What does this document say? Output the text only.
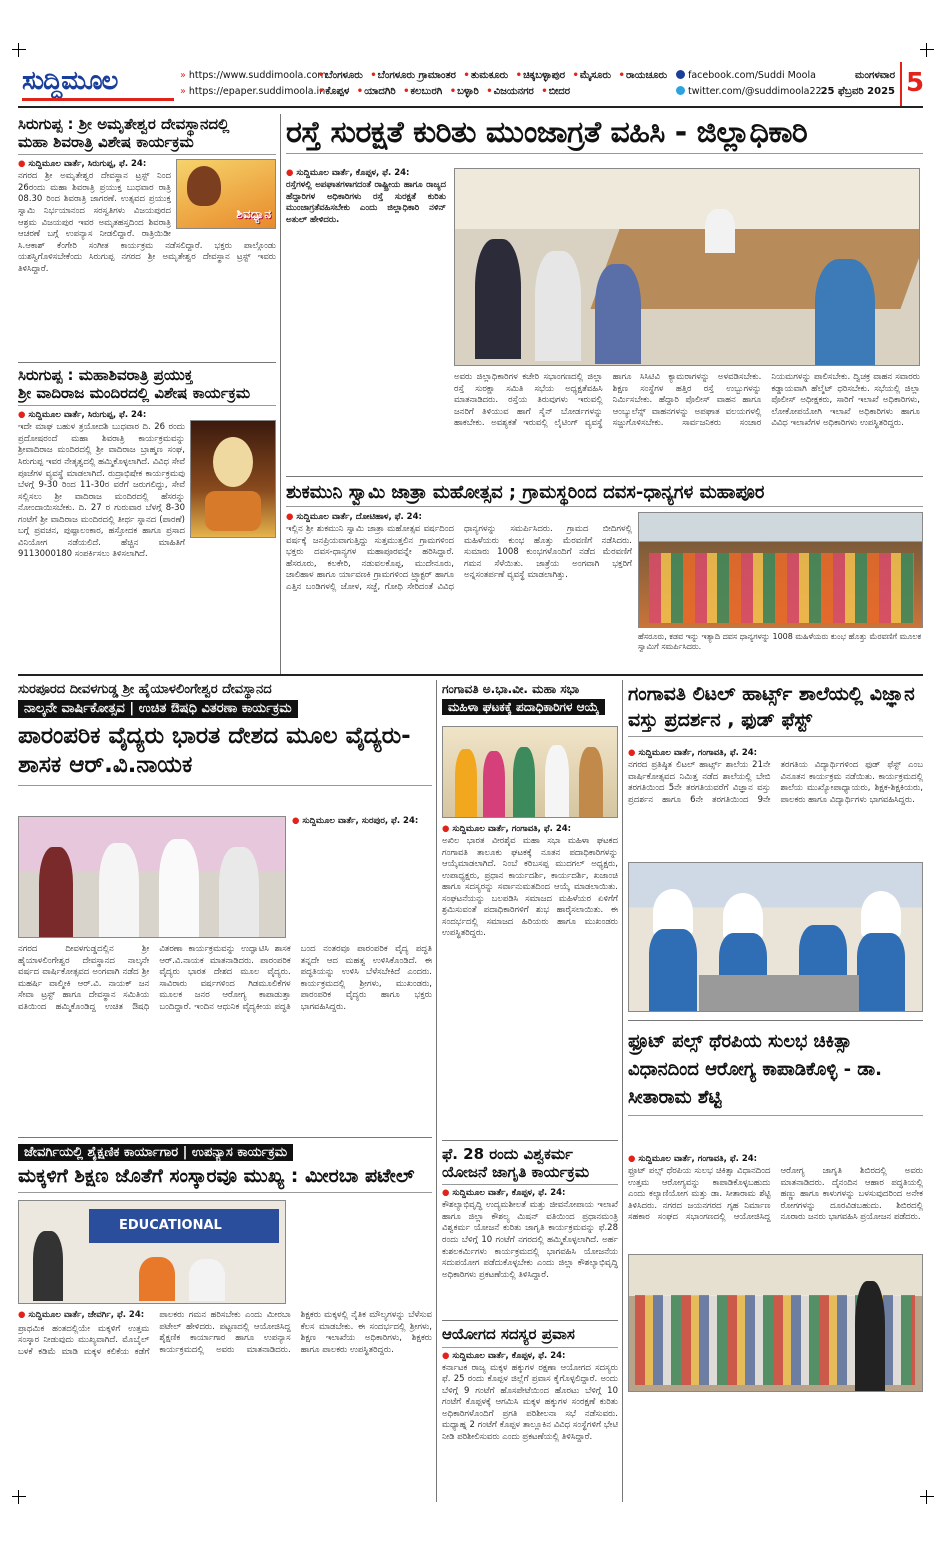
ಸುದ್ದಿಮೂಲ	» https://www.suddimoola.com
» https://epaper.suddimoola.in
• ಬೆಂಗಳೂರು • ಬೆಂಗಳೂರು ಗ್ರಾಮಾಂತರ • ತುಮಕೂರು • ಚಿಕ್ಕಬಳ್ಳಾಪುರ • ಮೈಸೂರು • ರಾಯಚೂರು • ಕೊಪ್ಪಳ • ಯಾದಗಿರಿ • ಕಲಬುರಗಿ • ಬಳ್ಳಾರಿ • ವಿಜಯನಗರ • ಬೀದರ
facebook.com/Suddi Moola
twitter.com/@suddimoola22
ಮಂಗಳವಾರ
25 ಫೆಬ್ರವರಿ 2025 5
ಸಿರುಗುಪ್ಪ : ಶ್ರೀ ಅಮೃತೇಶ್ವರ ದೇವಸ್ಥಾನದಲ್ಲಿ
ಮಹಾ ಶಿವರಾತ್ರಿ ವಿಶೇಷ ಕಾರ್ಯಕ್ರಮ
ಶಿವಧ್ಯಾನ
● ಸುದ್ದಿಮೂಲ ವಾರ್ತೆ, ಸಿರುಗುಪ್ಪ, ಫೆ. 24:
ನಗರದ ಶ್ರೀ ಅಮೃತೇಶ್ವರ ದೇವಸ್ಥಾನ ಟ್ರಸ್ಟ್ ನಿಂದ 26ರಂದು ಮಹಾ ಶಿವರಾತ್ರಿ ಪ್ರಯುಕ್ತ ಬುಧವಾರ ರಾತ್ರಿ 08.30 ರಿಂದ ಶಿವರಾತ್ರಿ ಜಾಗರಣೆ. ಉತ್ಸವದ ಪ್ರಯುಕ್ತ ಸ್ವಾಮಿ ನಿರ್ಭಯಾನಂದ ಸರಸ್ವತಿಗಳು ವಿಜಯಪುರದ ಆಶ್ರಮ ವಿಜಯಪುರ ಇವರ ಅಮೃತಹಸ್ತದಿಂದ ಶಿವರಾತ್ರಿ ಆಚರಣೆ ಬಗ್ಗೆ ಉಪನ್ಯಾಸ ನೀಡಲಿದ್ದಾರೆ. ರಾತ್ರಿಯಿಡೀ ಸಿ.ಆಕಾಶ್ ಕೆಂಗೇರಿ ಸಂಗೀತ ಕಾರ್ಯಕ್ರಮ ನಡೆಸಲಿದ್ದಾರೆ. ಭಕ್ತರು ಪಾಲ್ಗೊಂಡು ಯಶಸ್ವಿಗೊಳಿಸಬೇಕೆಂದು ಸಿರುಗುಪ್ಪ ನಗರದ ಶ್ರೀ ಅಮೃತೇಶ್ವರ ದೇವಸ್ಥಾನ ಟ್ರಸ್ಟ್ ಇವರು ತಿಳಿಸಿದ್ದಾರೆ.
ಸಿರುಗುಪ್ಪ : ಮಹಾಶಿವರಾತ್ರಿ ಪ್ರಯುಕ್ತ
ಶ್ರೀ ವಾದಿರಾಜ ಮಂದಿರದಲ್ಲಿ ವಿಶೇಷ ಕಾರ್ಯಕ್ರಮ
● ಸುದ್ದಿಮೂಲ ವಾರ್ತೆ, ಸಿರುಗುಪ್ಪ, ಫೆ. 24:
ಇದೇ ಮಾಘ ಬಹುಳ ತ್ರಯೋದಶಿ ಬುಧವಾರ ದಿ. 26 ರಂದು ಪ್ರದೋಷರಂದೆ ಮಹಾ ಶಿವರಾತ್ರಿ ಕಾರ್ಯಕ್ರಮವನ್ನು ಶ್ರೀವಾದಿರಾಜ ಮಂದಿರದಲ್ಲಿ ಶ್ರೀ ವಾದಿರಾಜ ಬ್ರಾಹ್ಮಣ ಸಂಘ, ಸಿರುಗುಪ್ಪ ಇವರ ನೇತೃತ್ವದಲ್ಲಿ ಹಮ್ಮಿಕೊಳ್ಳಲಾಗಿದೆ. ವಿವಿಧ ಸೇವೆ ಪೂಜೆಗಳ ವ್ಯವಸ್ಥೆ ಮಾಡಲಾಗಿದೆ. ರುದ್ರಾಭಿಷೇಕ ಕಾರ್ಯಕ್ರಮವು ಬೆಳಗ್ಗೆ 9-30 ರಿಂದ 11-30ರ ವರೆಗೆ ಜರುಗಲಿದ್ದು, ಸೇವೆ ಸಲ್ಲಿಸಲು ಶ್ರೀ ವಾದಿರಾಜ ಮಂದಿರದಲ್ಲಿ ಹೆಸರನ್ನು ನೋಂದಾಯಿಸಬೇಕು. ದಿ. 27 ರ ಗುರುವಾರ ಬೆಳಗ್ಗೆ 8-30 ಗಂಟೆಗೆ ಶ್ರೀ ವಾದಿರಾಜ ಮಂದಿರದಲ್ಲಿ ತೀರ್ಥ ಸ್ನಾನದ (ಪಾರಣೆ) ಬಗ್ಗೆ ಪ್ರವಚನ, ಪುಷ್ಪಾಲಂಕಾರ, ಹಸ್ತೋದಕ ಹಾಗೂ ಪ್ರಸಾದ ವಿನಿಯೋಗ ನಡೆಯಲಿದೆ. ಹೆಚ್ಚಿನ ಮಾಹಿತಿಗೆ 9113000180 ಸಂಪರ್ಕಿಸಲು ತಿಳಿಸಲಾಗಿದೆ.
ರಸ್ತೆ ಸುರಕ್ಷತೆ ಕುರಿತು ಮುಂಜಾಗ್ರತೆ ವಹಿಸಿ - ಜಿಲ್ಲಾಧಿಕಾರಿ
● ಸುದ್ದಿಮೂಲ ವಾರ್ತೆ, ಕೊಪ್ಪಳ, ಫೆ. 24:
ರಸ್ತೆಗಳಲ್ಲಿ ಅಪಘಾತಗಳಾಗದಂತೆ ರಾಷ್ಟ್ರೀಯ ಹಾಗೂ ರಾಜ್ಯದ ಹೆದ್ದಾರಿಗಳ ಅಧಿಕಾರಿಗಳು ರಸ್ತೆ ಸುರಕ್ಷತೆ ಕುರಿತು ಮುಂಜಾಗ್ರತೆವಹಿಸಬೇಕು ಎಂದು ಜಿಲ್ಲಾಧಿಕಾರಿ ನಳಿನ್ ಅತುಲ್ ಹೇಳಿದರು.
ಅವರು ಜಿಲ್ಲಾಧಿಕಾರಿಗಳ ಕಚೇರಿ ಸಭಾಂಗಣದಲ್ಲಿ ಜಿಲ್ಲಾ ರಸ್ತೆ ಸುರಕ್ಷಾ ಸಮಿತಿ ಸಭೆಯ ಅಧ್ಯಕ್ಷತೆವಹಿಸಿ ಮಾತನಾಡಿದರು. ರಸ್ತೆಯ ತಿರುವುಗಳು ಇರುವಲ್ಲಿ ಜನರಿಗೆ ತಿಳಿಯುವ ಹಾಗೆ ಸೈನ್ ಬೋರ್ಡಗಳನ್ನು ಹಾಕಬೇಕು. ಅವಶ್ಯಕತೆ ಇರುವಲ್ಲಿ ಲೈಟಿಂಗ್ ವ್ಯವಸ್ಥೆ ಹಾಗೂ ಸಿಸಿಟಿವಿ ಕ್ಯಾಮರಾಗಳನ್ನು ಅಳವಡಿಸಬೇಕು. ಶಿಕ್ಷಣ ಸಂಸ್ಥೆಗಳ ಹತ್ತಿರ ರಸ್ತೆ ಉಬ್ಬುಗಳನ್ನು ನಿರ್ಮಿಸಬೇಕು. ಹೆದ್ದಾರಿ ಪೊಲೀಸ್ ವಾಹನ ಹಾಗೂ ಆಂಬ್ಯುಲೆನ್ಸ್ ವಾಹನಗಳನ್ನು ಅಪಘಾತ ವಲಯಗಳಲ್ಲಿ ಸಜ್ಜುಗೊಳಿಸಬೇಕು. ಸಾರ್ವಜನಿಕರು ಸಂಚಾರ ನಿಯಮಗಳನ್ನು ಪಾಲಿಸಬೇಕು. ದ್ವಿಚಕ್ರ ವಾಹನ ಸವಾರರು ಕಡ್ಡಾಯವಾಗಿ ಹೆಲ್ಮೆಟ್ ಧರಿಸಬೇಕು. ಸಭೆಯಲ್ಲಿ ಜಿಲ್ಲಾ ಪೊಲೀಸ್ ಅಧೀಕ್ಷಕರು, ಸಾರಿಗೆ ಇಲಾಖೆ ಅಧಿಕಾರಿಗಳು, ಲೋಕೋಪಯೋಗಿ ಇಲಾಖೆ ಅಧಿಕಾರಿಗಳು ಹಾಗೂ ವಿವಿಧ ಇಲಾಖೆಗಳ ಅಧಿಕಾರಿಗಳು ಉಪಸ್ಥಿತರಿದ್ದರು.
ಶುಕಮುನಿ ಸ್ವಾಮಿ ಜಾತ್ರಾ ಮಹೋತ್ಸವ ; ಗ್ರಾಮಸ್ಥರಿಂದ ದವಸ-ಧಾನ್ಯಗಳ ಮಹಾಪೂರ
● ಸುದ್ದಿಮೂಲ ವಾರ್ತೆ, ದೋಟಿಹಾಳ, ಫೆ. 24:
ಇಲ್ಲಿನ ಶ್ರೀ ಶುಕಮುನಿ ಸ್ವಾಮಿ ಜಾತ್ರಾ ಮಹೋತ್ಸವ ವರ್ಷದಿಂದ ವರ್ಷಕ್ಕೆ ಜನಪ್ರಿಯವಾಗುತ್ತಿದ್ದು ಸುತ್ತಮುತ್ತಲಿನ ಗ್ರಾಮಗಳಿಂದ ಭಕ್ತರು ದವಸ-ಧಾನ್ಯಗಳ ಮಹಾಪೂರವನ್ನೇ ಹರಿಸಿದ್ದಾರೆ. ಹೆಸರೂರು, ಕಲಕೇರಿ, ನಡುವಲಕೊಪ್ಪ, ಮುದೇನೂರು, ಜಾಲಿಹಾಳ ಹಾಗೂ ರ್ಯಾವಣಕಿ ಗ್ರಾಮಗಳಿಂದ ಟ್ರ್ಯಾಕ್ಟರ್ ಹಾಗೂ ಎತ್ತಿನ ಬಂಡಿಗಳಲ್ಲಿ ಜೋಳ, ಸಜ್ಜೆ, ಗೋಧಿ ಸೇರಿದಂತೆ ವಿವಿಧ ಧಾನ್ಯಗಳನ್ನು ಸಮರ್ಪಿಸಿದರು. ಗ್ರಾಮದ ಬೀದಿಗಳಲ್ಲಿ ಮಹಿಳೆಯರು ಕುಂಭ ಹೊತ್ತು ಮೆರವಣಿಗೆ ನಡೆಸಿದರು. ಸುಮಾರು 1008 ಕುಂಭಗಳೊಂದಿಗೆ ನಡೆದ ಮೆರವಣಿಗೆ ಗಮನ ಸೆಳೆಯಿತು. ಜಾತ್ರೆಯ ಅಂಗವಾಗಿ ಭಕ್ತರಿಗೆ ಅನ್ನಸಂತರ್ಪಣೆ ವ್ಯವಸ್ಥೆ ಮಾಡಲಾಗಿತ್ತು.
ಹೆಸರೂರು, ಕಡವ ಇನ್ನು ಇತ್ಯಾದಿ ದವಸ ಧಾನ್ಯಗಳನ್ನು 1008 ಮಹಿಳೆಯರು ಕುಂಭ ಹೊತ್ತು ಮೆರವಣಿಗೆ ಮೂಲಕ ಸ್ವಾಮಿಗೆ ಸಮರ್ಪಿಸಿದರು.
ಸುರಪೂರದ ದೀವಳಗುಡ್ಡ ಶ್ರೀ ಹೈಯಾಳಲಿಂಗೇಶ್ವರ ದೇವಸ್ಥಾನದ
ನಾಲ್ಕನೇ ವಾರ್ಷಿಕೋತ್ಸವ | ಉಚಿತ ಔಷಧಿ ವಿತರಣಾ ಕಾರ್ಯಕ್ರಮ
ಪಾರಂಪರಿಕ ವೈದ್ಯರು ಭಾರತ ದೇಶದ ಮೂಲ ವೈದ್ಯರು- ಶಾಸಕ ಆರ್.ವಿ.ನಾಯಕ
● ಸುದ್ದಿಮೂಲ ವಾರ್ತೆ, ಸುರಪುರ, ಫೆ. 24:
ನಗರದ ದೀವಳಗುಡ್ಡದಲ್ಲಿನ ಶ್ರೀ ಹೈಯಾಳಲಿಂಗೇಶ್ವರ ದೇವಸ್ಥಾನದ ನಾಲ್ಕನೇ ವರ್ಷದ ವಾರ್ಷಿಕೋತ್ಸವದ ಅಂಗವಾಗಿ ನಡೆದ ಶ್ರೀ ಮಹರ್ಷಿ ವಾಲ್ಮೀಕಿ ಆರ್.ವಿ. ನಾಯಕ್ ಜನ ಸೇವಾ ಟ್ರಸ್ಟ್ ಹಾಗೂ ದೇವಸ್ಥಾನ ಸಮಿತಿಯ ವತಿಯಿಂದ ಹಮ್ಮಿಕೊಂಡಿದ್ದ ಉಚಿತ ಔಷಧಿ ವಿತರಣಾ ಕಾರ್ಯಕ್ರಮವನ್ನು ಉದ್ಘಾಟಿಸಿ ಶಾಸಕ ಆರ್.ವಿ.ನಾಯಕ ಮಾತನಾಡಿದರು. ಪಾರಂಪರಿಕ ವೈದ್ಯರು ಭಾರತ ದೇಶದ ಮೂಲ ವೈದ್ಯರು. ಸಾವಿರಾರು ವರ್ಷಗಳಿಂದ ಗಿಡಮೂಲಿಕೆಗಳ ಮೂಲಕ ಜನರ ಆರೋಗ್ಯ ಕಾಪಾಡುತ್ತಾ ಬಂದಿದ್ದಾರೆ. ಇಂದಿನ ಆಧುನಿಕ ವೈದ್ಯಕೀಯ ಪದ್ಧತಿ ಬಂದ ನಂತರವೂ ಪಾರಂಪರಿಕ ವೈದ್ಯ ಪದ್ಧತಿ ತನ್ನದೇ ಆದ ಮಹತ್ವ ಉಳಿಸಿಕೊಂಡಿದೆ. ಈ ಪದ್ಧತಿಯನ್ನು ಉಳಿಸಿ ಬೆಳೆಸಬೇಕಿದೆ ಎಂದರು. ಕಾರ್ಯಕ್ರಮದಲ್ಲಿ ಶ್ರೀಗಳು, ಮುಖಂಡರು, ಪಾರಂಪರಿಕ ವೈದ್ಯರು ಹಾಗೂ ಭಕ್ತರು ಭಾಗವಹಿಸಿದ್ದರು.
ಜೇವರ್ಗಿಯಲ್ಲಿ ಶೈಕ್ಷಣಿಕ ಕಾರ್ಯಾಗಾರ | ಉಪನ್ಯಾಸ ಕಾರ್ಯಕ್ರಮ
ಮಕ್ಕಳಿಗೆ ಶಿಕ್ಷಣ ಜೊತೆಗೆ ಸಂಸ್ಕಾರವೂ ಮುಖ್ಯ : ಮೀರಬಾ ಪಟೇಲ್
EDUCATIONAL
● ಸುದ್ದಿಮೂಲ ವಾರ್ತೆ, ಜೇವರ್ಗಿ, ಫೆ. 24:
ಪ್ರಾಥಮಿಕ ಹಂತದಲ್ಲಿಯೇ ಮಕ್ಕಳಿಗೆ ಉತ್ತಮ ಸಂಸ್ಕಾರ ನೀಡುವುದು ಮುಖ್ಯವಾಗಿದೆ. ಮೊಬೈಲ್ ಬಳಕೆ ಕಡಿಮೆ ಮಾಡಿ ಮಕ್ಕಳ ಕಲಿಕೆಯ ಕಡೆಗೆ ಪಾಲಕರು ಗಮನ ಹರಿಸಬೇಕು ಎಂದು ಮೀರಬಾ ಪಟೇಲ್ ಹೇಳಿದರು. ಪಟ್ಟಣದಲ್ಲಿ ಆಯೋಜಿಸಿದ್ದ ಶೈಕ್ಷಣಿಕ ಕಾರ್ಯಾಗಾರ ಹಾಗೂ ಉಪನ್ಯಾಸ ಕಾರ್ಯಕ್ರಮದಲ್ಲಿ ಅವರು ಮಾತನಾಡಿದರು. ಶಿಕ್ಷಕರು ಮಕ್ಕಳಲ್ಲಿ ನೈತಿಕ ಮೌಲ್ಯಗಳನ್ನು ಬೆಳೆಸುವ ಕೆಲಸ ಮಾಡಬೇಕು. ಈ ಸಂದರ್ಭದಲ್ಲಿ ಶ್ರೀಗಳು, ಶಿಕ್ಷಣ ಇಲಾಖೆಯ ಅಧಿಕಾರಿಗಳು, ಶಿಕ್ಷಕರು ಹಾಗೂ ಪಾಲಕರು ಉಪಸ್ಥಿತರಿದ್ದರು.
ಗಂಗಾವತಿ ಅ.ಭಾ.ವೀ. ಮಹಾ ಸಭಾ
ಮಹಿಳಾ ಘಟಕಕ್ಕೆ ಪದಾಧಿಕಾರಿಗಳ ಆಯ್ಕೆ
● ಸುದ್ದಿಮೂಲ ವಾರ್ತೆ, ಗಂಗಾವತಿ, ಫೆ. 24:
ಅಖಿಲ ಭಾರತ ವೀರಶೈವ ಮಹಾ ಸಭಾ ಮಹಿಳಾ ಘಟಕದ ಗಂಗಾವತಿ ತಾಲೂಕು ಘಟಕಕ್ಕೆ ನೂತನ ಪದಾಧಿಕಾರಿಗಳನ್ನು ಆಯ್ಕೆಮಾಡಲಾಗಿದೆ. ನಿಂಬೆ ಕರಿಬಸಪ್ಪ ಮುದಗಲ್ ಅಧ್ಯಕ್ಷರು, ಉಪಾಧ್ಯಕ್ಷರು, ಪ್ರಧಾನ ಕಾರ್ಯದರ್ಶಿ, ಕಾರ್ಯದರ್ಶಿ, ಖಜಾಂಚಿ ಹಾಗೂ ಸದಸ್ಯರನ್ನು ಸರ್ವಾನುಮತದಿಂದ ಆಯ್ಕೆ ಮಾಡಲಾಯಿತು. ಸಂಘಟನೆಯನ್ನು ಬಲಪಡಿಸಿ ಸಮಾಜದ ಮಹಿಳೆಯರ ಏಳಿಗೆಗೆ ಶ್ರಮಿಸುವಂತೆ ಪದಾಧಿಕಾರಿಗಳಿಗೆ ಶುಭ ಹಾರೈಸಲಾಯಿತು. ಈ ಸಂದರ್ಭದಲ್ಲಿ ಸಮಾಜದ ಹಿರಿಯರು ಹಾಗೂ ಮುಖಂಡರು ಉಪಸ್ಥಿತರಿದ್ದರು.
ಫೆ. 28 ರಂದು ವಿಶ್ವಕರ್ಮ
ಯೋಜನೆ ಜಾಗೃತಿ ಕಾರ್ಯಕ್ರಮ
● ಸುದ್ದಿಮೂಲ ವಾರ್ತೆ, ಕೊಪ್ಪಳ, ಫೆ. 24:
ಕೌಶಲ್ಯಾಭಿವೃದ್ಧಿ ಉದ್ಯಮಶೀಲತೆ ಮತ್ತು ಜೀವನೋಪಾಯ ಇಲಾಖೆ ಹಾಗೂ ಜಿಲ್ಲಾ ಕೌಶಲ್ಯ ಮಿಷನ್ ವತಿಯಿಂದ ಪ್ರಧಾನಮಂತ್ರಿ ವಿಶ್ವಕರ್ಮ ಯೋಜನೆ ಕುರಿತು ಜಾಗೃತಿ ಕಾರ್ಯಕ್ರಮವನ್ನು ಫೆ.28 ರಂದು ಬೆಳಿಗ್ಗೆ 10 ಗಂಟೆಗೆ ನಗರದಲ್ಲಿ ಹಮ್ಮಿಕೊಳ್ಳಲಾಗಿದೆ. ಅರ್ಹ ಕುಶಲಕರ್ಮಿಗಳು ಕಾರ್ಯಕ್ರಮದಲ್ಲಿ ಭಾಗವಹಿಸಿ ಯೋಜನೆಯ ಸದುಪಯೋಗ ಪಡೆದುಕೊಳ್ಳಬೇಕು ಎಂದು ಜಿಲ್ಲಾ ಕೌಶಲ್ಯಾಭಿವೃದ್ಧಿ ಅಧಿಕಾರಿಗಳು ಪ್ರಕಟಣೆಯಲ್ಲಿ ತಿಳಿಸಿದ್ದಾರೆ.
ಆಯೋಗದ ಸದಸ್ಯರ ಪ್ರವಾಸ
● ಸುದ್ದಿಮೂಲ ವಾರ್ತೆ, ಕೊಪ್ಪಳ, ಫೆ. 24:
ಕರ್ನಾಟಕ ರಾಜ್ಯ ಮಕ್ಕಳ ಹಕ್ಕುಗಳ ರಕ್ಷಣಾ ಆಯೋಗದ ಸದಸ್ಯರು ಫೆ. 25 ರಂದು ಕೊಪ್ಪಳ ಜಿಲ್ಲೆಗೆ ಪ್ರವಾಸ ಕೈಗೊಳ್ಳಲಿದ್ದಾರೆ. ಅಂದು ಬೆಳಿಗ್ಗೆ 9 ಗಂಟೆಗೆ ಹೊಸಪೇಟೆಯಿಂದ ಹೊರಟು ಬೆಳಿಗ್ಗೆ 10 ಗಂಟೆಗೆ ಕೊಪ್ಪಳಕ್ಕೆ ಆಗಮಿಸಿ ಮಕ್ಕಳ ಹಕ್ಕುಗಳ ಸಂರಕ್ಷಣೆ ಕುರಿತು ಅಧಿಕಾರಿಗಳೊಂದಿಗೆ ಪ್ರಗತಿ ಪರಿಶೀಲನಾ ಸಭೆ ನಡೆಸುವರು. ಮಧ್ಯಾಹ್ನ 2 ಗಂಟೆಗೆ ಕೊಪ್ಪಳ ತಾಲ್ಲೂಕಿನ ವಿವಿಧ ಸಂಸ್ಥೆಗಳಿಗೆ ಭೇಟಿ ನೀಡಿ ಪರಿಶೀಲಿಸುವರು ಎಂದು ಪ್ರಕಟಣೆಯಲ್ಲಿ ತಿಳಿಸಿದ್ದಾರೆ.
ಗಂಗಾವತಿ ಲಿಟಲ್ ಹಾರ್ಟ್ಸ್ ಶಾಲೆಯಲ್ಲಿ ವಿಜ್ಞಾನ ವಸ್ತು ಪ್ರದರ್ಶನ , ಫುಡ್ ಫೆಸ್ಟ್
● ಸುದ್ದಿಮೂಲ ವಾರ್ತೆ, ಗಂಗಾವತಿ, ಫೆ. 24:
ನಗರದ ಪ್ರತಿಷ್ಠಿತ ಲಿಟಲ್ ಹಾರ್ಟ್ಸ್ ಶಾಲೆಯ 21ನೇ ವಾರ್ಷಿಕೋತ್ಸವದ ನಿಮಿತ್ತ ನಡೆದ ಶಾಲೆಯಲ್ಲಿ ಬೇಬಿ ತರಗತಿಯಿಂದ 5ನೇ ತರಗತಿಯವರೆಗೆ ವಿಜ್ಞಾನ ವಸ್ತು ಪ್ರದರ್ಶನ ಹಾಗೂ 6ನೇ ತರಗತಿಯಿಂದ 9ನೇ ತರಗತಿಯ ವಿದ್ಯಾರ್ಥಿಗಳಿಂದ ಫುಡ್ ಫೆಸ್ಟ್ ಎಂಬ ವಿನೂತನ ಕಾರ್ಯಕ್ರಮ ನಡೆಯಿತು. ಕಾರ್ಯಕ್ರಮದಲ್ಲಿ ಶಾಲೆಯ ಮುಖ್ಯೋಪಾಧ್ಯಾಯರು, ಶಿಕ್ಷಕ-ಶಿಕ್ಷಕಿಯರು, ಪಾಲಕರು ಹಾಗೂ ವಿದ್ಯಾರ್ಥಿಗಳು ಭಾಗವಹಿಸಿದ್ದರು.
ಫ್ರೂಟ್ ಪಲ್ಸ್ ಥೆರಪಿಯ ಸುಲಭ ಚಿಕಿತ್ಸಾ ವಿಧಾನದಿಂದ ಆರೋಗ್ಯ ಕಾಪಾಡಿಕೊಳ್ಳಿ - ಡಾ. ಸೀತಾರಾಮ ಶೆಟ್ಟಿ
● ಸುದ್ದಿಮೂಲ ವಾರ್ತೆ, ಗಂಗಾವತಿ, ಫೆ. 24:
ಫ್ರೂಟ್ ಪಲ್ಸ್ ಥೆರಪಿಯ ಸುಲಭ ಚಿಕಿತ್ಸಾ ವಿಧಾನದಿಂದ ಉತ್ತಮ ಆರೋಗ್ಯವನ್ನು ಕಾಪಾಡಿಕೊಳ್ಳಬಹುದು ಎಂದು ಕಲ್ಯಾಣಿಯೋಗ ಮತ್ತು ಡಾ. ಸೀತಾರಾಮ ಶೆಟ್ಟಿ ತಿಳಿಸಿದರು. ನಗರದ ಜಯನಗರದ ಗೃಹ ನಿರ್ಮಾಣ ಸಹಕಾರ ಸಂಘದ ಸಭಾಂಗಣದಲ್ಲಿ ಆಯೋಜಿಸಿದ್ದ ಆರೋಗ್ಯ ಜಾಗೃತಿ ಶಿಬಿರದಲ್ಲಿ ಅವರು ಮಾತನಾಡಿದರು. ದೈನಂದಿನ ಆಹಾರ ಪದ್ಧತಿಯಲ್ಲಿ ಹಣ್ಣು ಹಾಗೂ ಕಾಳುಗಳನ್ನು ಬಳಸುವುದರಿಂದ ಅನೇಕ ರೋಗಗಳನ್ನು ದೂರವಿಡಬಹುದು. ಶಿಬಿರದಲ್ಲಿ ನೂರಾರು ಜನರು ಭಾಗವಹಿಸಿ ಪ್ರಯೋಜನ ಪಡೆದರು.
